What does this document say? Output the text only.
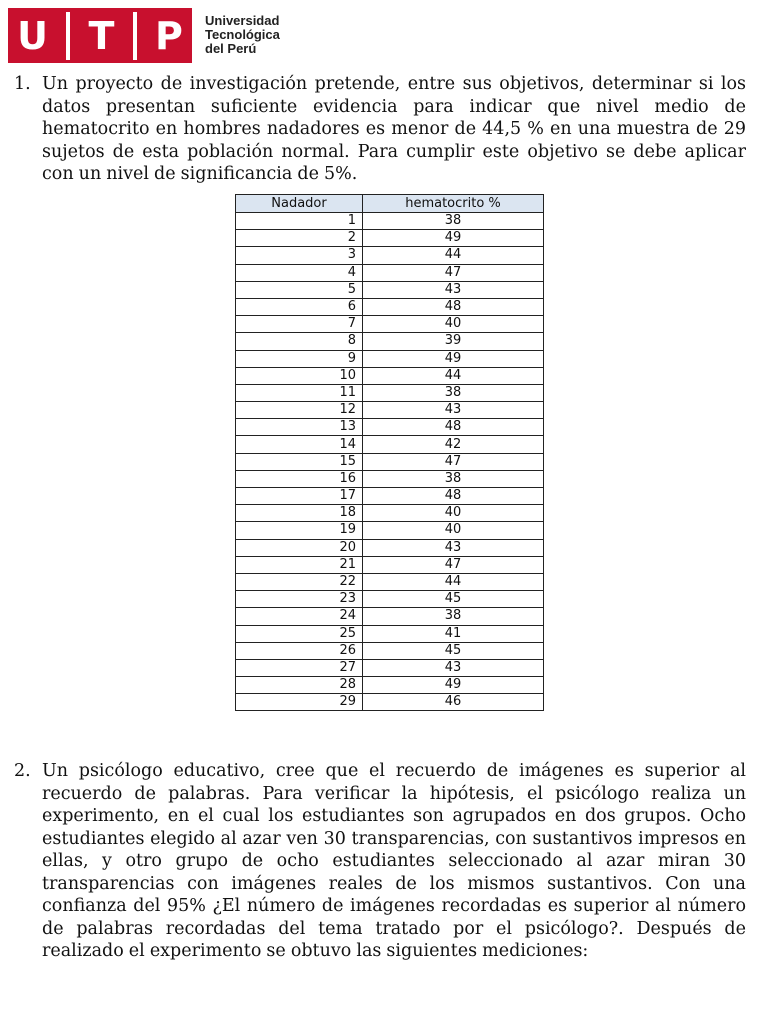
U T P Universidad
Tecnológica
del Perú
1. Un proyecto de investigación pretende, entre sus objetivos, determinar si los datos presentan suficiente evidencia para indicar que nivel medio de hematocrito en hombres nadadores es menor de 44,5 % en una muestra de 29 sujetos de esta población normal. Para cumplir este objetivo se debe aplicar con un nivel de significancia de 5%.
Nadador	hematocrito %
1	38
2	49
3	44
4	47
5	43
6	48
7	40
8	39
9	49
10	44
11	38
12	43
13	48
14	42
15	47
16	38
17	48
18	40
19	40
20	43
21	47
22	44
23	45
24	38
25	41
26	45
27	43
28	49
29	46
2. Un psicólogo educativo, cree que el recuerdo de imágenes es superior al recuerdo de palabras. Para verificar la hipótesis, el psicólogo realiza un experimento, en el cual los estudiantes son agrupados en dos grupos. Ocho estudiantes elegido al azar ven 30 transparencias, con sustantivos impresos en ellas, y otro grupo de ocho estudiantes seleccionado al azar miran 30 transparencias con imágenes reales de los mismos sustantivos. Con una confianza del 95% ¿El número de imágenes recordadas es superior al número de palabras recordadas del tema tratado por el psicólogo?. Después de realizado el experimento se obtuvo las siguientes mediciones:
